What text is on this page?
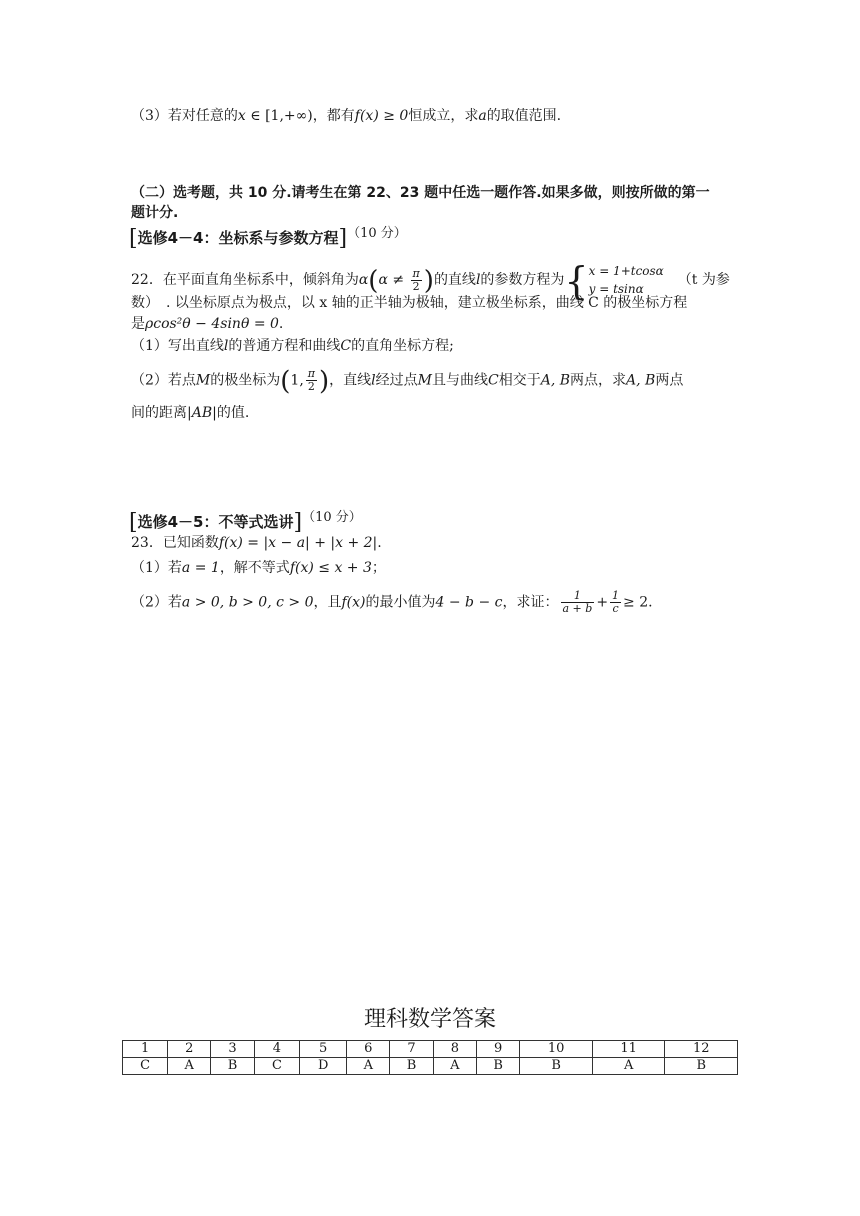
（3）若对任意的x ∈ [1,+∞)，都有f(x) ≥ 0恒成立，求a的取值范围.
（二）选考题，共 10 分.请考生在第 22、23 题中任选一题作答.如果多做，则按所做的第一
题计分.
[选修4－4：坐标系与参数方程]（10 分）
22．在平面直角坐标系中，倾斜角为$\alpha(\alpha \ne \frac{\pi}{2}$ )的直线l的参数方程为{ x = 1+tcosα
y = tsinα
（t 为参
数）　. 以坐标原点为极点，以 x 轴的正半轴为极轴，建立极坐标系，曲线 C 的极坐标方程
是ρcos²θ − 4sinθ = 0.
（1）写出直线l的普通方程和曲线C的直角坐标方程;
（2）若点M的极坐标为(1, $\frac{\pi}{2}$ )，直线l经过点M且与曲线C相交于A, B两点，求A, B两点
间的距离|AB|的值.
[选修4－5：不等式选讲]（10 分）
23．已知函数f(x) = |x − a| + |x + 2|.
（1）若a = 1，解不等式f(x) ≤ x + 3；
（2）若a > 0, b > 0, c > 0，且f(x)的最小值为4 − b − c，求证： $\frac{1}{a + b} + \frac{1}{c} \ge 2$.
理科数学答案
1	2	3	4	5	6	7	8	9	10	11	12
C	A	B	C	D	A	B	A	B	B	A	B
